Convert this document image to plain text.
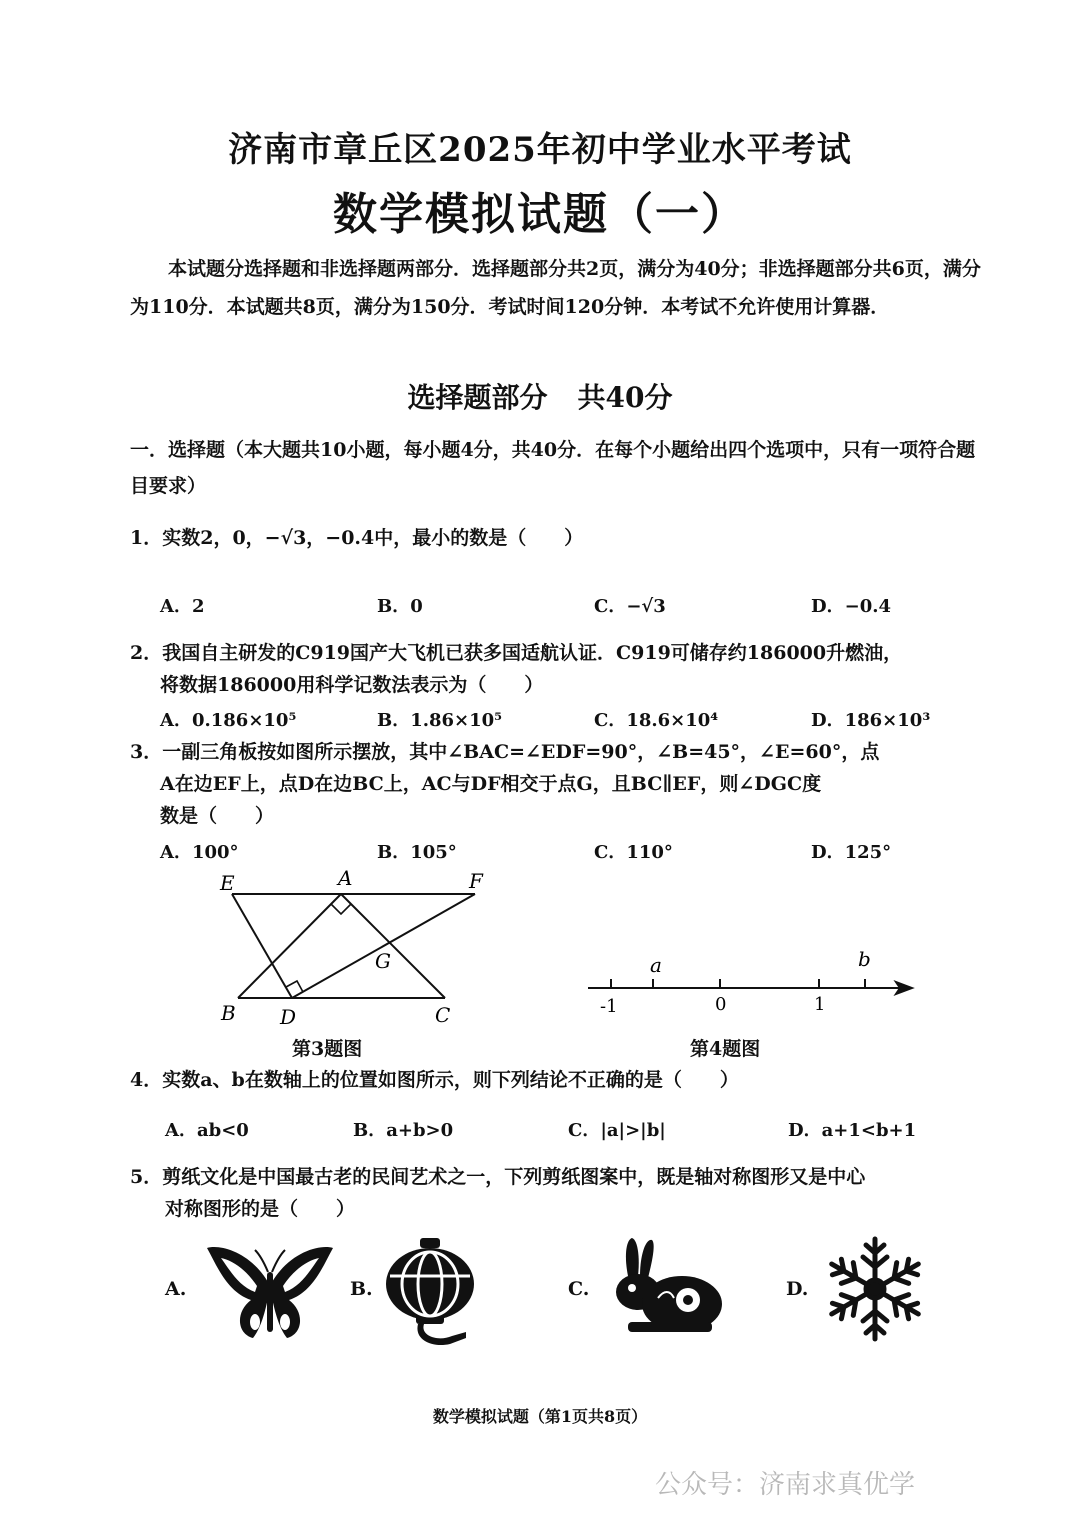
济南市章丘区2025年初中学业水平考试
数学模拟试题（一）
本试题分选择题和非选择题两部分．选择题部分共2页，满分为40分；非选择题部分共6页，满分为110分．本试题共8页，满分为150分．考试时间120分钟．本考试不允许使用计算器．
选择题部分 共40分
一．选择题（本大题共10小题，每小题4分，共40分．在每个小题给出四个选项中，只有一项符合题目要求）
1．实数2，0，−√3，−0.4中，最小的数是（　　）
A．2	B．0	C．−√3	D．−0.4
2．我国自主研发的C919国产大飞机已获多国适航认证．C919可储存约186000升燃油，
将数据186000用科学记数法表示为（　　）
A．0.186×10⁵	B．1.86×10⁵	C．18.6×10⁴	D．186×10³
3．一副三角板按如图所示摆放，其中∠BAC=∠EDF=90°，∠B=45°，∠E=60°，点
A在边EF上，点D在边BC上，AC与DF相交于点G，且BC∥EF，则∠DGC度
数是（　　）
A．100°	B．105°	C．110°	D．125°
E	A	F
G
B D	C
第3题图
a	b
-1	0	1
第4题图
4．实数a、b在数轴上的位置如图所示，则下列结论不正确的是（　　）
A．ab<0	B．a+b>0	C．|a|>|b|	D．a+1<b+1
5．剪纸文化是中国最古老的民间艺术之一，下列剪纸图案中，既是轴对称图形又是中心
对称图形的是（　　）
A.	B.	C.	D.
数学模拟试题（第1页共8页）
公众号：济南求真优学
